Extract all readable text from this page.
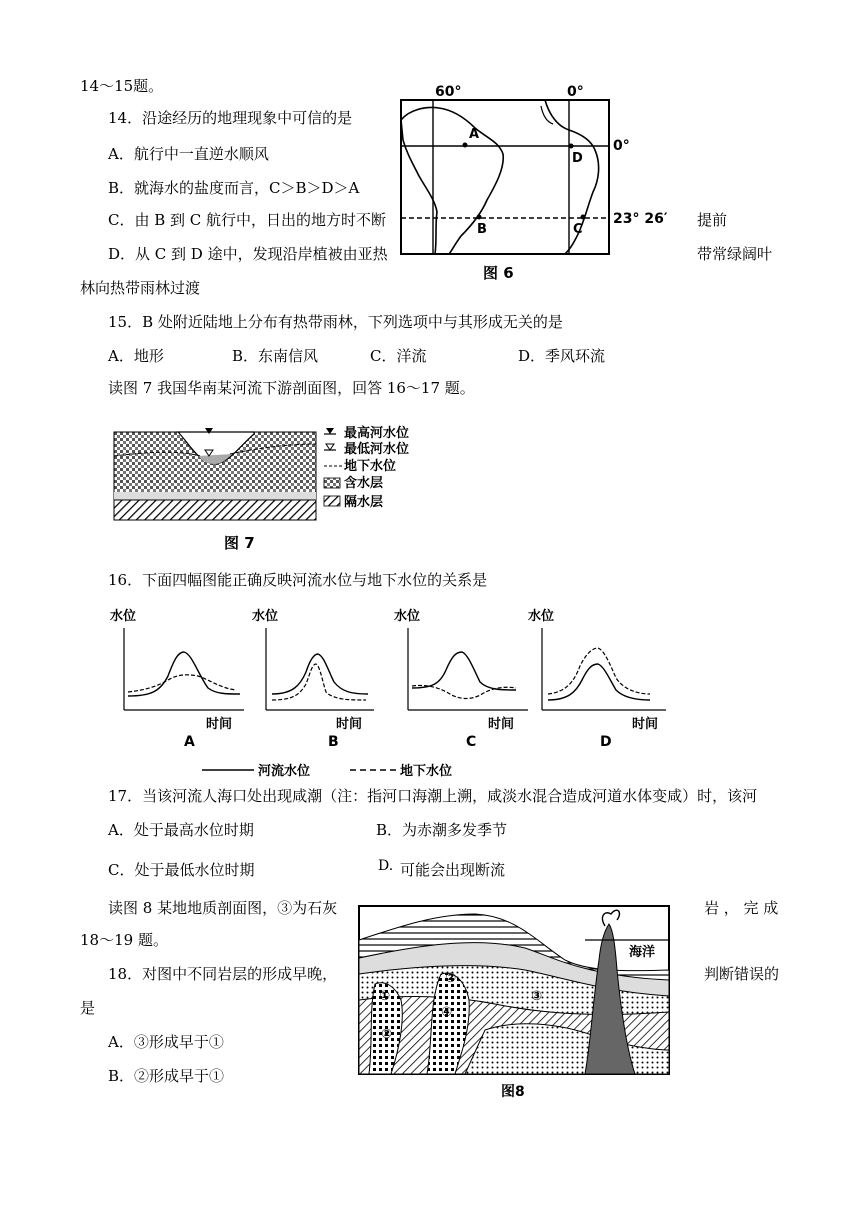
14～15题。
14．沿途经历的地理现象中可信的是
A．航行中一直逆水顺风
B．就海水的盐度而言，C＞B＞D＞A
C．由 B 到 C 航行中，日出的地方时不断	提前
D．从 C 到 D 途中，发现沿岸植被由亚热	带常绿阔叶
林向热带雨林过渡
15．B 处附近陆地上分布有热带雨林，下列选项中与其形成无关的是
A．地形	B．东南信风	C．洋流	D．季风环流
读图 7 我国华南某河流下游剖面图，回答 16～17 题。
16．下面四幅图能正确反映河流水位与地下水位的关系是
17．当该河流人海口处出现咸潮（注：指河口海潮上溯，咸淡水混合造成河道水体变咸）时，该河
A．处于最高水位时期	B．为赤潮多发季节
C．处于最低水位时期	D. 可能会出现断流
读图 8 某地地质剖面图，③为石灰	岩 ， 完 成
18～19 题。
18．对图中不同岩层的形成早晚，	判断错误的
是
A．③形成早于①
B．②形成早于①
A
B	C
D
60°	0°
0°
23° 26′
图 6
最高河水位
最低河水位
地下水位
含水层
隔水层
图 7
水位
时间
A
水位
时间
B
水位
时间
C
水位
时间
D
河流水位	地下水位
海洋
①
②
②
③
④
图8
